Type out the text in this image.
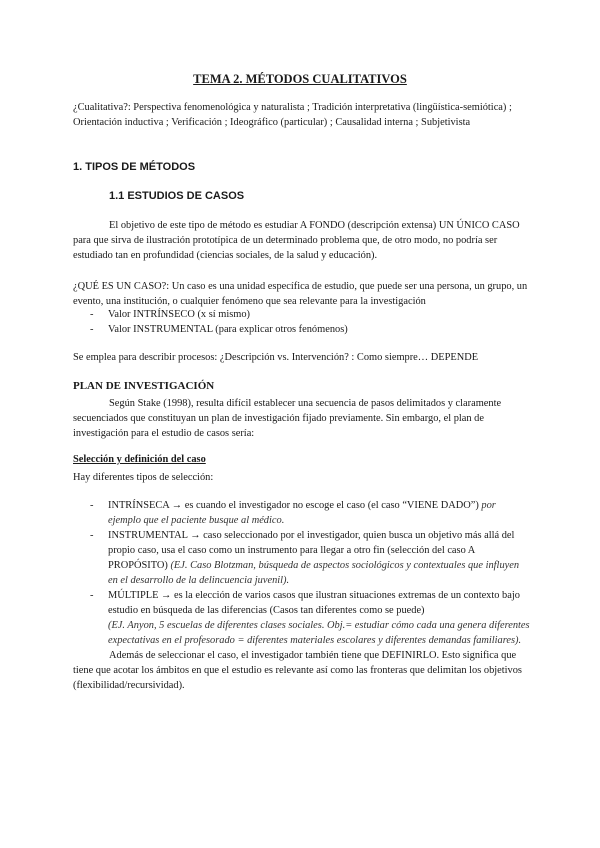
TEMA 2. MÉTODOS CUALITATIVOS

¿Cualitativa?: Perspectiva fenomenológica y naturalista ; Tradición interpretativa (lingüística-semiótica) ; Orientación inductiva ; Verificación ; Ideográfico (particular) ; Causalidad interna ; Subjetivista

1. TIPOS DE MÉTODOS
1.1 ESTUDIOS DE CASOS

El objetivo de este tipo de método es estudiar A FONDO (descripción extensa) UN ÚNICO CASO para que sirva de ilustración prototípica de un determinado problema que, de otro modo, no podría ser estudiado tan en profundidad (ciencias sociales, de la salud y educación).

¿QUÉ ES UN CASO?: Un caso es una unidad específica de estudio, que puede ser una persona, un grupo, un evento, una institución, o cualquier fenómeno que sea relevante para la investigación

- Valor INTRÍNSECO (x sí mismo)
- Valor INSTRUMENTAL (para explicar otros fenómenos)

Se emplea para describir procesos: ¿Descripción vs. Intervención? : Como siempre… DEPENDE

PLAN DE INVESTIGACIÓN

Según Stake (1998), resulta difícil establecer una secuencia de pasos delimitados y claramente secuenciados que constituyan un plan de investigación fijado previamente. Sin embargo, el plan de investigación para el estudio de casos sería:

Selección y definición del caso

Hay diferentes tipos de selección:

- INTRÍNSECA → es cuando el investigador no escoge el caso (el caso “VIENE DADO”) por ejemplo que el paciente busque al médico.
- INSTRUMENTAL → caso seleccionado por el investigador, quien busca un objetivo más allá del propio caso, usa el caso como un instrumento para llegar a otro fin (selección del caso A PROPÓSITO) (EJ. Caso Blotzman, búsqueda de aspectos sociológicos y contextuales que influyen en el desarrollo de la delincuencia juvenil).
- MÚLTIPLE → es la elección de varios casos que ilustran situaciones extremas de un contexto bajo estudio en búsqueda de las diferencias (Casos tan diferentes como se puede)
(EJ. Anyon, 5 escuelas de diferentes clases sociales. Obj.= estudiar cómo cada una genera diferentes expectativas en el profesorado = diferentes materiales escolares y diferentes demandas familiares).

Además de seleccionar el caso, el investigador también tiene que DEFINIRLO. Esto significa que tiene que acotar los ámbitos en que el estudio es relevante así como las fronteras que delimitan los objetivos (flexibilidad/recursividad).
